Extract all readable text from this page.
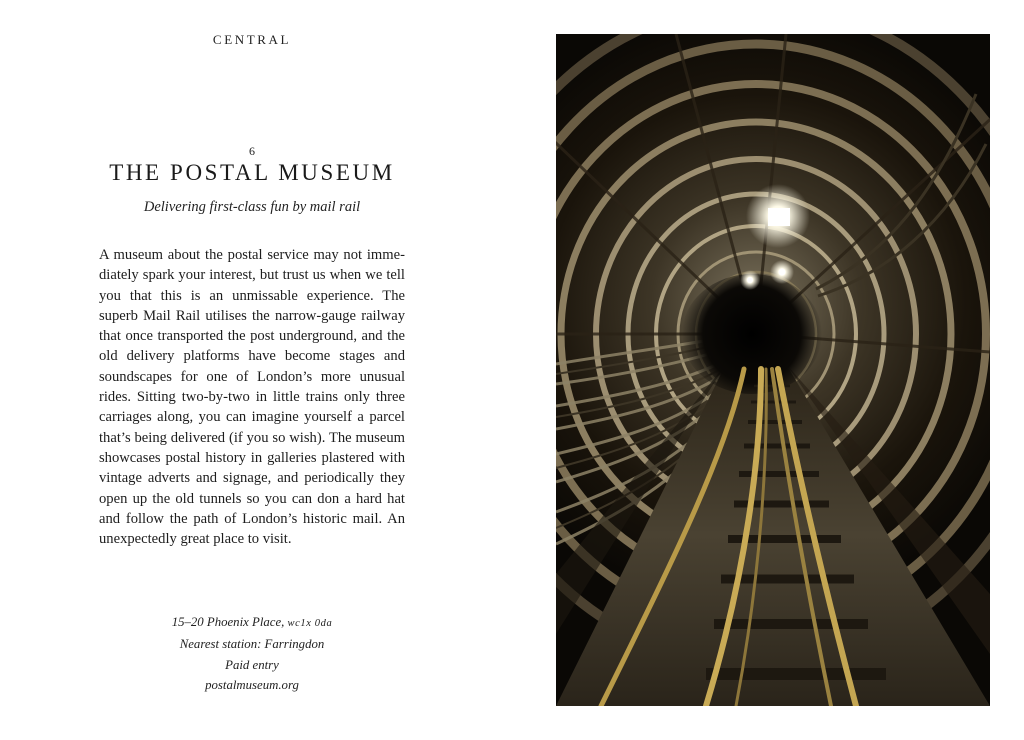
CENTRAL
6
THE POSTAL MUSEUM
Delivering first-class fun by mail rail

A museum about the postal service may not immediately spark your interest, but trust us when we tell you that this is an unmissable experience. The superb Mail Rail utilises the narrow-gauge railway that once transported the post underground, and the old delivery platforms have become stages and soundscapes for one of London’s more unusual rides. Sitting two-by-two in little trains only three carriages along, you can imagine yourself a parcel that’s being delivered (if you so wish). The museum showcases postal history in galleries plastered with vintage adverts and signage, and periodically they open up the old tunnels so you can don a hard hat and follow the path of London’s historic mail. An unexpectedly great place to visit.

15–20 Phoenix Place, wc1x 0da
Nearest station: Farringdon
Paid entry
postalmuseum.org
